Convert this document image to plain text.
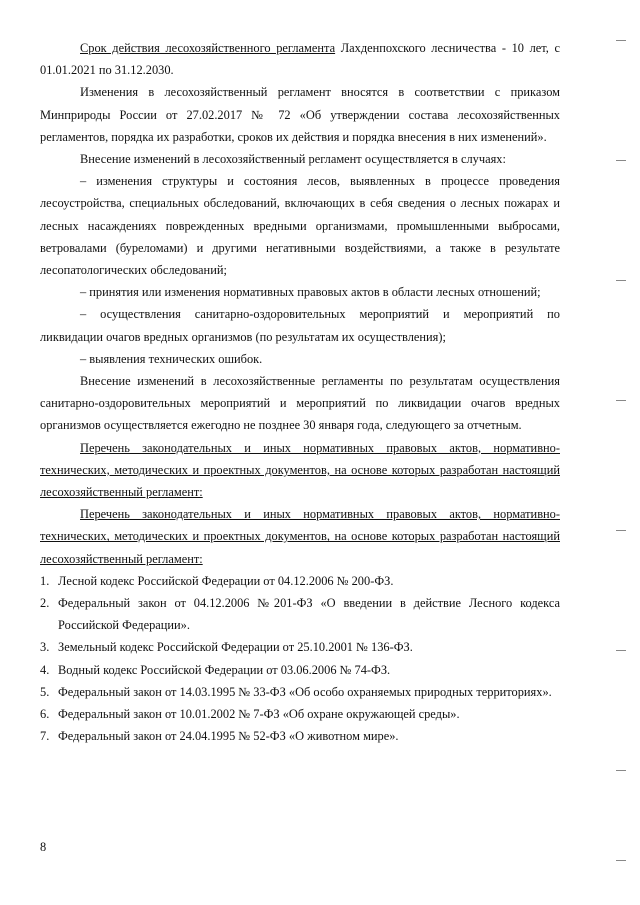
Срок действия лесохозяйственного регламента Лахденпохского лесничества - 10 лет, с 01.01.2021 по 31.12.2030.

Изменения в лесохозяйственный регламент вносятся в соответствии с приказом Минприроды России от 27.02.2017 № 72 «Об утверждении состава лесохозяйственных регламентов, порядка их разработки, сроков их действия и порядка внесения в них изменений».

Внесение изменений в лесохозяйственный регламент осуществляется в случаях:

– изменения структуры и состояния лесов, выявленных в процессе проведения лесоустройства, специальных обследований, включающих в себя сведения о лесных пожарах и лесных насаждениях поврежденных вредными организмами, промышленными выбросами, ветровалами (буреломами) и другими негативными воздействиями, а также в результате лесопатологических обследований;

– принятия или изменения нормативных правовых актов в области лесных отношений;

– осуществления санитарно-оздоровительных мероприятий и мероприятий по ликвидации очагов вредных организмов (по результатам их осуществления);

– выявления технических ошибок.

Внесение изменений в лесохозяйственные регламенты по результатам осуществления санитарно-оздоровительных мероприятий и мероприятий по ликвидации очагов вредных организмов осуществляется ежегодно не позднее 30 января года, следующего за отчетным.

Перечень законодательных и иных нормативных правовых актов, нормативно-технических, методических и проектных документов, на основе которых разработан настоящий лесохозяйственный регламент:

Перечень законодательных и иных нормативных правовых актов, нормативно-технических, методических и проектных документов, на основе которых разработан настоящий лесохозяйственный регламент:

1. Лесной кодекс Российской Федерации от 04.12.2006 № 200-ФЗ.
2. Федеральный закон от 04.12.2006 №201-ФЗ «О введении в действие Лесного кодекса Российской Федерации».
3. Земельный кодекс Российской Федерации от 25.10.2001 № 136-ФЗ.
4. Водный кодекс Российской Федерации от 03.06.2006 № 74-ФЗ.
5. Федеральный закон от 14.03.1995 № 33-ФЗ «Об особо охраняемых природных территориях».
6. Федеральный закон от 10.01.2002 № 7-ФЗ «Об охране окружающей среды».
7. Федеральный закон от 24.04.1995 № 52-ФЗ «О животном мире».
8
